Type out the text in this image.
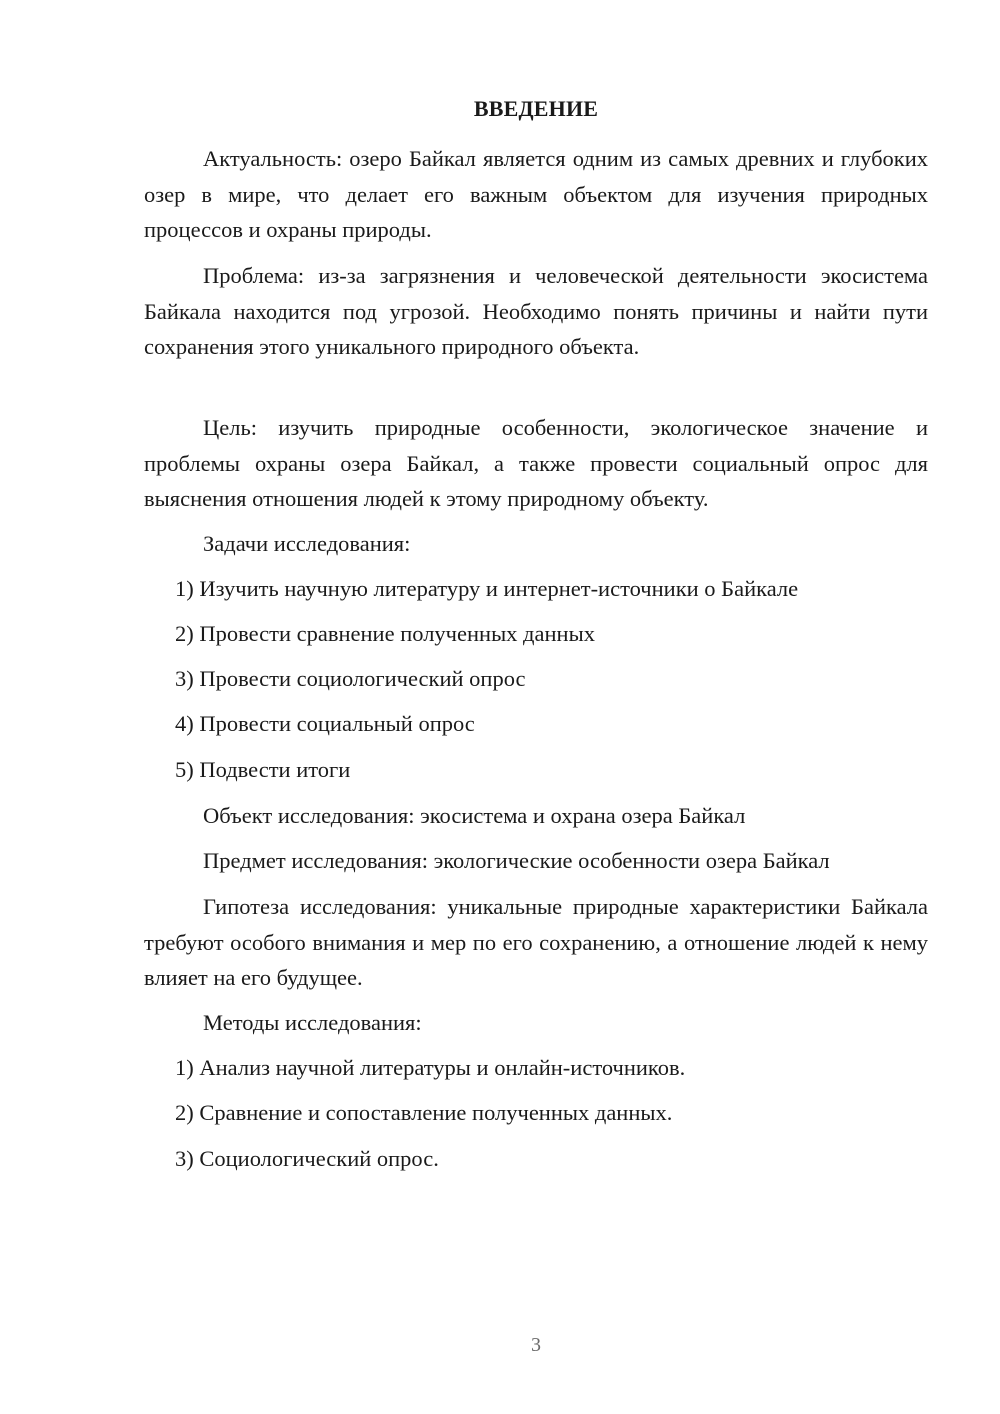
ВВЕДЕНИЕ

Актуальность: озеро Байкал является одним из самых древних и глубоких озер в мире, что делает его важным объектом для изучения природных процессов и охраны природы.

Проблема: из-за загрязнения и человеческой деятельности экосистема Байкала находится под угрозой. Необходимо понять причины и найти пути сохранения этого уникального природного объекта.

Цель: изучить природные особенности, экологическое значение и проблемы охраны озера Байкал, а также провести социальный опрос для выяснения отношения людей к этому природному объекту.

Задачи исследования:
1) Изучить научную литературу и интернет-источники о Байкале
2) Провести сравнение полученных данных
3) Провести социологический опрос
4) Провести социальный опрос
5) Подвести итоги
Объект исследования: экосистема и охрана озера Байкал
Предмет исследования: экологические особенности озера Байкал

Гипотеза исследования: уникальные природные характеристики Байкала требуют особого внимания и мер по его сохранению, а отношение людей к нему влияет на его будущее.

Методы исследования:
1) Анализ научной литературы и онлайн-источников.
2) Сравнение и сопоставление полученных данных.
3) Социологический опрос.
3
